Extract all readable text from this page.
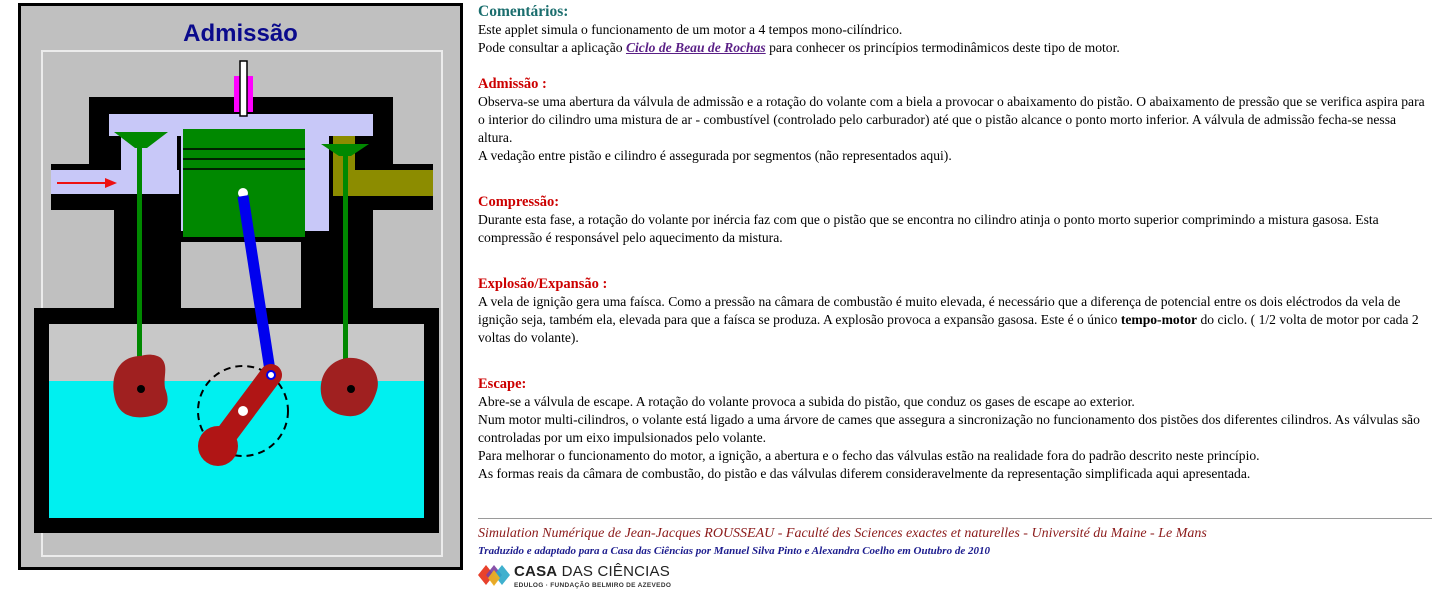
Admissão

Comentários:

Este applet simula o funcionamento de um motor a 4 tempos mono-cilíndrico.

Pode consultar a aplicação Ciclo de Beau de Rochas para conhecer os princípios termodinâmicos deste tipo de motor.

Admissão :

Observa-se uma abertura da válvula de admissão e a rotação do volante com a biela a provocar o abaixamento do pistão. O abaixamento de pressão que se verifica aspira para o interior do cilindro uma mistura de ar - combustível (controlado pelo carburador) até que o pistão alcance o ponto morto inferior. A válvula de admissão fecha-se nessa altura.

A vedação entre pistão e cilindro é assegurada por segmentos (não representados aqui).

Compressão:

Durante esta fase, a rotação do volante por inércia faz com que o pistão que se encontra no cilindro atinja o ponto morto superior comprimindo a mistura gasosa. Esta compressão é responsável pelo aquecimento da mistura.

Explosão/Expansão :

A vela de ignição gera uma faísca. Como a pressão na câmara de combustão é muito elevada, é necessário que a diferença de potencial entre os dois eléctrodos da vela de ignição seja, também ela, elevada para que a faísca se produza. A explosão provoca a expansão gasosa. Este é o único tempo-motor do ciclo. ( 1/2 volta de motor por cada 2 voltas do volante).

Escape:

Abre-se a válvula de escape. A rotação do volante provoca a subida do pistão, que conduz os gases de escape ao exterior.

Num motor multi-cilindros, o volante está ligado a uma árvore de cames que assegura a sincronização no funcionamento dos pistões dos diferentes cilindros. As válvulas são controladas por um eixo impulsionados pelo volante.

Para melhorar o funcionamento do motor, a ignição, a abertura e o fecho das válvulas estão na realidade fora do padrão descrito neste princípio.

As formas reais da câmara de combustão, do pistão e das válvulas diferem consideravelmente da representação simplificada aqui apresentada.

Simulation Numérique de Jean-Jacques ROUSSEAU - Faculté des Sciences exactes et naturelles - Université du Maine - Le Mans
Traduzido e adaptado para a Casa das Ciências por Manuel Silva Pinto e Alexandra Coelho em Outubro de 2010
CASA DAS CIÊNCIAS
EDULOG · FUNDAÇÃO BELMIRO DE AZEVEDO
